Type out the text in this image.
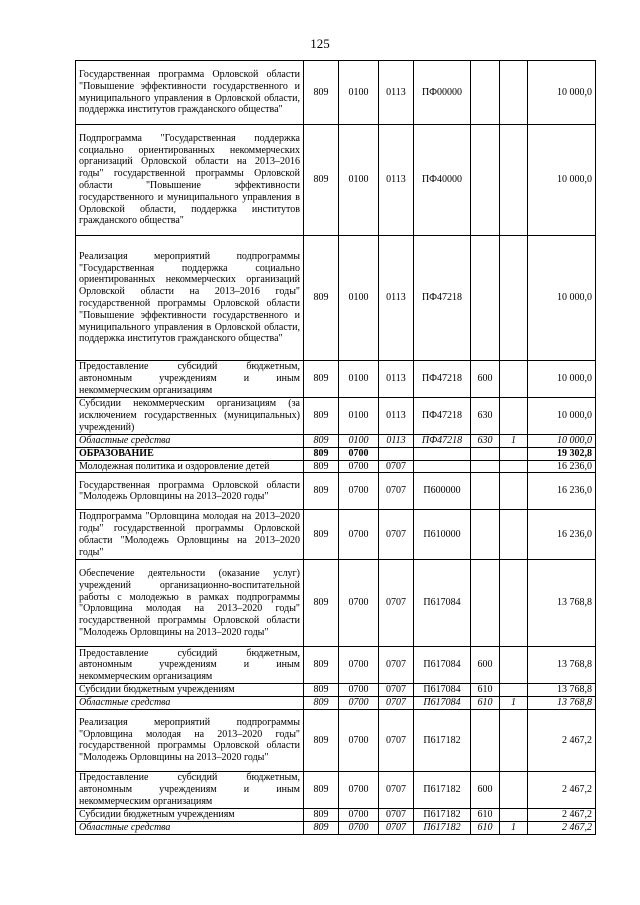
125
Государственная программа Орловской области "Повышение эффективности государственного и муниципального управления в Орловской области, поддержка институтов гражданского общества"	809	0100	0113	ПФ00000			10 000,0
Подпрограмма "Государственная поддержка социально ориентированных некоммерческих организаций Орловской области на 2013–2016 годы" государственной программы Орловской области "Повышение эффективности государственного и муниципального управления в Орловской области, поддержка институтов гражданского общества"	809	0100	0113	ПФ40000			10 000,0
Реализация мероприятий подпрограммы "Государственная поддержка социально ориентированных некоммерческих организаций Орловской области на 2013–2016 годы" государственной программы Орловской области "Повышение эффективности государственного и муниципального управления в Орловской области, поддержка институтов гражданского общества"	809	0100	0113	ПФ47218			10 000,0
Предоставление субсидий бюджетным, автономным учреждениям и иным некоммерческим организациям	809	0100	0113	ПФ47218	600		10 000,0
Субсидии некоммерческим организациям (за исключением государственных (муниципальных) учреждений)	809	0100	0113	ПФ47218	630		10 000,0
Областные средства	809	0100	0113	ПФ47218	630	1	10 000,0
ОБРАЗОВАНИЕ	809	0700					19 302,8
Молодежная политика и оздоровление детей	809	0700	0707				16 236,0
Государственная программа Орловской области "Молодежь Орловщины на 2013–2020 годы"	809	0700	0707	П600000			16 236,0
Подпрограмма "Орловщина молодая на 2013–2020 годы" государственной программы Орловской области "Молодежь Орловщины на 2013–2020 годы"	809	0700	0707	П610000			16 236,0
Обеспечение деятельности (оказание услуг) учреждений организационно-воспитательной работы с молодежью в рамках подпрограммы "Орловщина молодая на 2013–2020 годы" государственной программы Орловской области "Молодежь Орловщины на 2013–2020 годы"	809	0700	0707	П617084			13 768,8
Предоставление субсидий бюджетным, автономным учреждениям и иным некоммерческим организациям	809	0700	0707	П617084	600		13 768,8
Субсидии бюджетным учреждениям	809	0700	0707	П617084	610		13 768,8
Областные средства	809	0700	0707	П617084	610	1	13 768,8
Реализация мероприятий подпрограммы "Орловщина молодая на 2013–2020 годы" государственной программы Орловской области "Молодежь Орловщины на 2013–2020 годы"	809	0700	0707	П617182			2 467,2
Предоставление субсидий бюджетным, автономным учреждениям и иным некоммерческим организациям	809	0700	0707	П617182	600		2 467,2
Субсидии бюджетным учреждениям	809	0700	0707	П617182	610		2 467,2
Областные средства	809	0700	0707	П617182	610	1	2 467,2
